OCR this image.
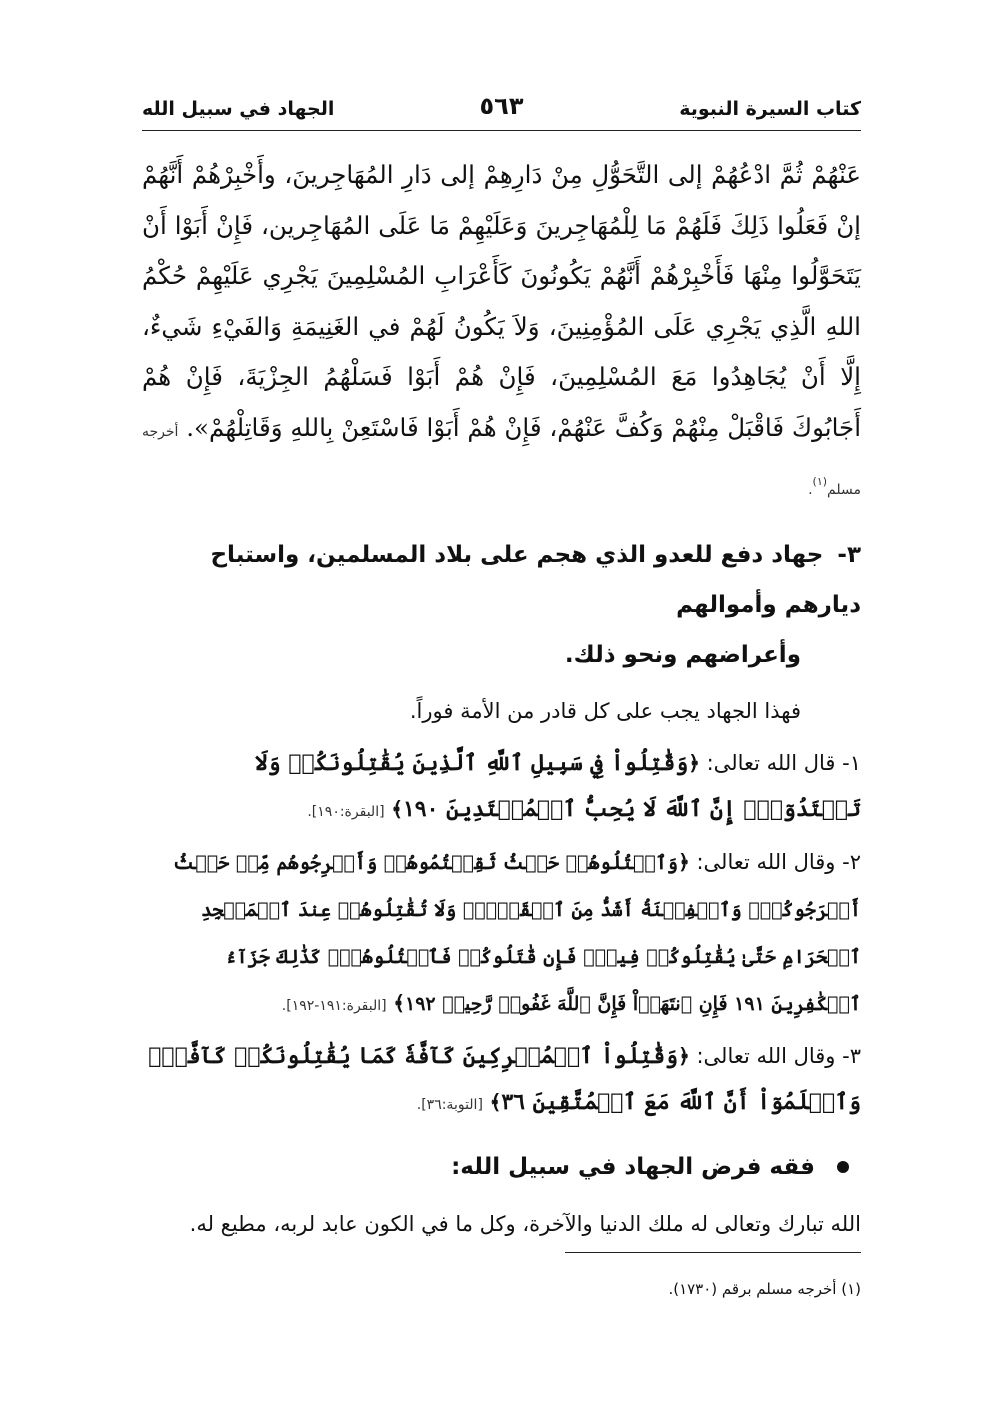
كتاب السيرة النبوية
٥٦٣
الجهاد في سبيل الله

عَنْهُمْ ثُمَّ ادْعُهُمْ إلى التَّحَوُّلِ مِنْ دَارِهِمْ إلى دَارِ المُهَاجِرينَ، وأَخْبِرْهُمْ أَنَّهُمْ إنْ فَعَلُوا ذَلِكَ فَلَهُمْ مَا لِلْمُهَاجِرينَ وَعَلَيْهِمْ مَا عَلَى المُهَاجِرين، فَإِنْ أَبَوْا أَنْ يَتَحَوَّلُوا مِنْهَا فَأَخْبِرْهُمْ أَنَّهُمْ يَكُونُونَ كَأَعْرَابِ المُسْلِمِينَ يَجْرِي عَلَيْهِمْ حُكْمُ اللهِ الَّذِي يَجْرِي عَلَى المُؤْمِنِينَ، وَلاَ يَكُونُ لَهُمْ في الغَنِيمَةِ وَالفَيْءِ شَيءٌ، إِلَّا أَنْ يُجَاهِدُوا مَعَ المُسْلِمِينَ، فَإِنْ هُمْ أَبَوْا فَسَلْهُمُ الجِزْيَةَ، فَإِنْ هُمْ أَجَابُوكَ فَاقْبَلْ مِنْهُمْ وَكُفَّ عَنْهُمْ، فَإِنْ هُمْ أَبَوْا فَاسْتَعِنْ بِاللهِ وَقَاتِلْهُمْ». أخرجه مسلم$^{(١)}$.

٣- جهاد دفع للعدو الذي هجم على بلاد المسلمين، واستباح ديارهم وأموالهم
وأعراضهم ونحو ذلك.

فهذا الجهاد يجب على كل قادر من الأمة فوراً.

١- قال الله تعالى: ﴿وَقَٰتِلُواْ فِي سَبِيلِ ٱللَّهِ ٱلَّذِينَ يُقَٰتِلُونَكُمۡ وَلَا تَعۡتَدُوٓاْۚ إِنَّ ٱللَّهَ لَا يُحِبُّ ٱلۡمُعۡتَدِينَ ١٩٠﴾ [البقرة:١٩٠].

٢- وقال الله تعالى: ﴿وَٱقۡتُلُوهُمۡ حَيۡثُ ثَقِفۡتُمُوهُمۡ وَأَخۡرِجُوهُم مِّنۡ حَيۡثُ أَخۡرَجُوكُمۡۚ وَٱلۡفِتۡنَةُ أَشَدُّ مِنَ ٱلۡقَتۡلِۚ وَلَا تُقَٰتِلُوهُمۡ عِندَ ٱلۡمَسۡجِدِ ٱلۡحَرَامِ حَتَّىٰ يُقَٰتِلُوكُمۡ فِيهِۖ فَإِن قَٰتَلُوكُمۡ فَٱقۡتُلُوهُمۡۗ كَذَٰلِكَ جَزَآءُ ٱلۡكَٰفِرِينَ ١٩١ فَإِنِ ٱنتَهَوۡاْ فَإِنَّ ٱللَّهَ غَفُورٞ رَّحِيمٞ ١٩٢﴾ [البقرة:١٩١-١٩٢].

٣- وقال الله تعالى: ﴿وَقَٰتِلُواْ ٱلۡمُشۡرِكِينَ كَآفَّةٗ كَمَا يُقَٰتِلُونَكُمۡ كَآفَّةٗۚ وَٱعۡلَمُوٓاْ أَنَّ ٱللَّهَ مَعَ ٱلۡمُتَّقِينَ ٣٦﴾ [التوبة:٣٦].

فقه فرض الجهاد في سبيل الله:

الله تبارك وتعالى له ملك الدنيا والآخرة، وكل ما في الكون عابد لربه، مطيع له.

(١) أخرجه مسلم برقم (١٧٣٠).
